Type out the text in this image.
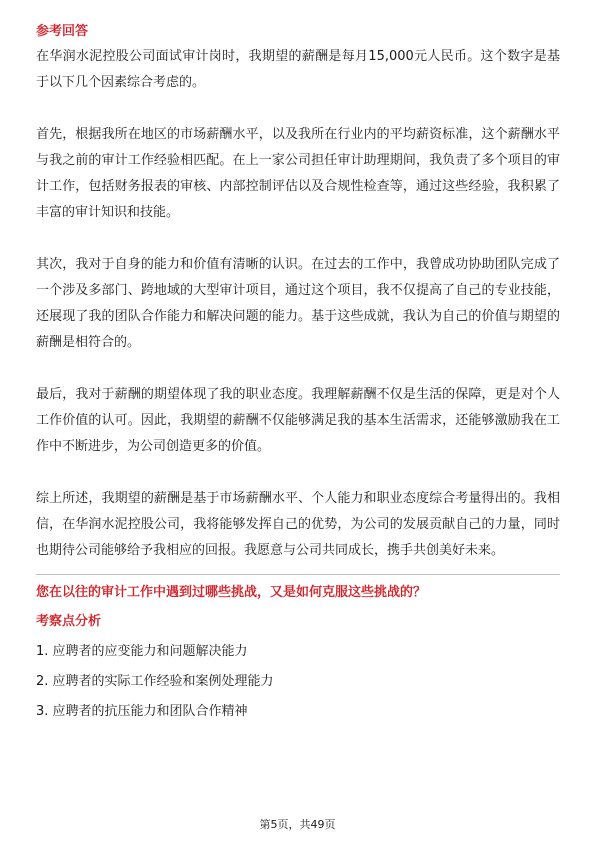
参考回答

在华润水泥控股公司面试审计岗时，我期望的薪酬是每月15,000元人民币。这个数字是基于以下几个因素综合考虑的。

首先，根据我所在地区的市场薪酬水平，以及我所在行业内的平均薪资标准，这个薪酬水平与我之前的审计工作经验相匹配。在上一家公司担任审计助理期间，我负责了多个项目的审计工作，包括财务报表的审核、内部控制评估以及合规性检查等，通过这些经验，我积累了丰富的审计知识和技能。

其次，我对于自身的能力和价值有清晰的认识。在过去的工作中，我曾成功协助团队完成了一个涉及多部门、跨地域的大型审计项目，通过这个项目，我不仅提高了自己的专业技能，还展现了我的团队合作能力和解决问题的能力。基于这些成就，我认为自己的价值与期望的薪酬是相符合的。

最后，我对于薪酬的期望体现了我的职业态度。我理解薪酬不仅是生活的保障，更是对个人工作价值的认可。因此，我期望的薪酬不仅能够满足我的基本生活需求，还能够激励我在工作中不断进步，为公司创造更多的价值。

综上所述，我期望的薪酬是基于市场薪酬水平、个人能力和职业态度综合考量得出的。我相信，在华润水泥控股公司，我将能够发挥自己的优势，为公司的发展贡献自己的力量，同时也期待公司能够给予我相应的回报。我愿意与公司共同成长，携手共创美好未来。

您在以往的审计工作中遇到过哪些挑战，又是如何克服这些挑战的？
考察点分析
1. 应聘者的应变能力和问题解决能力
2. 应聘者的实际工作经验和案例处理能力
3. 应聘者的抗压能力和团队合作精神
第5页，共49页
